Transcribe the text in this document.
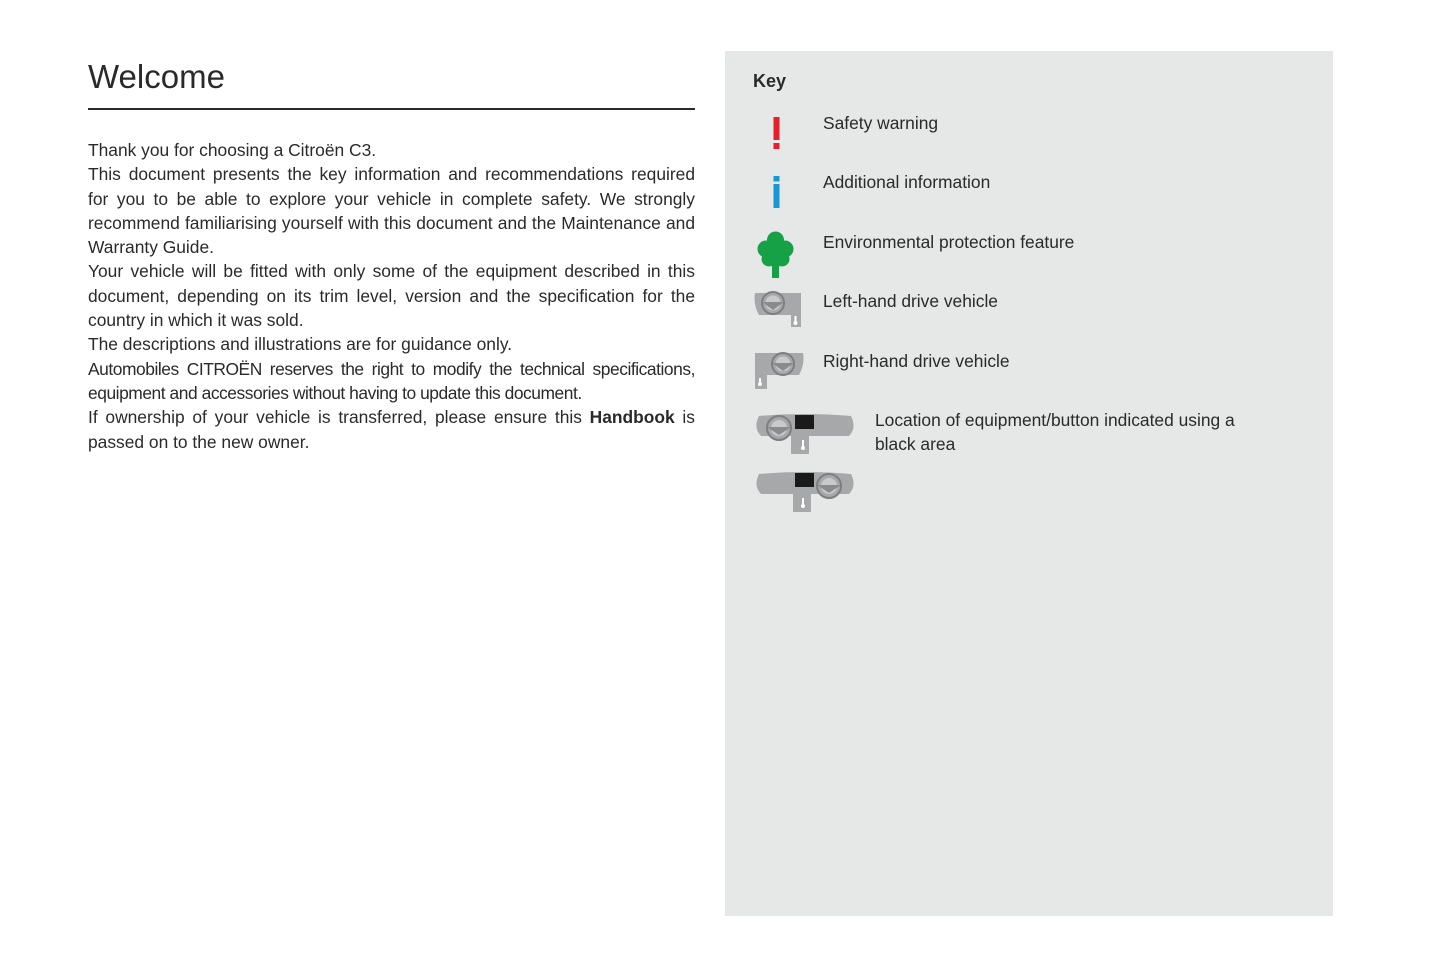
Welcome

Thank you for choosing a Citroën C3.

This document presents the key information and recommendations required for you to be able to explore your vehicle in complete safety. We strongly recommend familiarising yourself with this document and the Maintenance and Warranty Guide.

Your vehicle will be fitted with only some of the equipment described in this document, depending on its trim level, version and the specification for the country in which it was sold.

The descriptions and illustrations are for guidance only.

Automobiles CITROËN reserves the right to modify the technical specifications, equipment and accessories without having to update this document.

If ownership of your vehicle is transferred, please ensure this Handbook is passed on to the new owner.

Key
Safety warning
Additional information
Environmental protection feature
Left-hand drive vehicle
Right-hand drive vehicle
Location of equipment/button indicated using a black area
